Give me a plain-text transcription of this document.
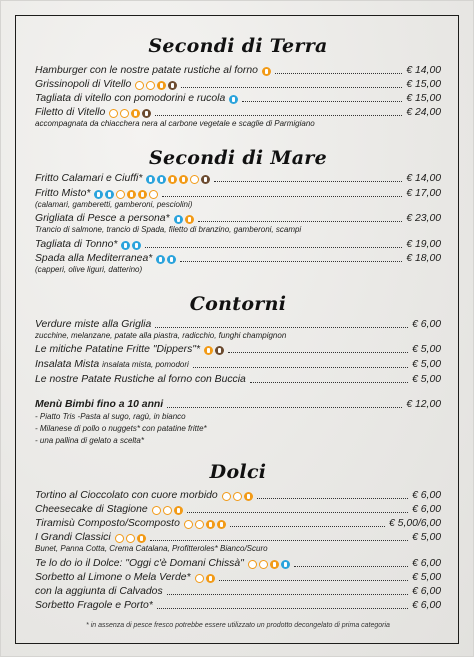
Secondi di Terra
Hamburger con le nostre patate rustiche al forno	€ 14,00
Grissinopoli di Vitello	€ 15,00
Tagliata di vitello con pomodorini e rucola	€ 15,00
Filetto di Vitello	€ 24,00
accompagnata da chiacchera nera al carbone vegetale e scaglie di Parmigiano
Secondi di Mare
Fritto Calamari e Ciuffi*	€ 14,00
Fritto Misto*	€ 17,00
(calamari, gamberetti, gamberoni, pesciolini)
Grigliata di Pesce a persona*	€ 23,00
Trancio di salmone, trancio di Spada, filetto di branzino, gamberoni, scampi
Tagliata di Tonno*	€ 19,00
Spada alla Mediterranea*	€ 18,00
(capperi, olive liguri, datterino)
Contorni
Verdure miste alla Griglia	€ 6,00
zucchine, melanzane, patate alla piastra, radicchio, funghi champignon
Le mitiche Patatine Fritte "Dippers"*	€ 5,00
Insalata Mista insalata mista, pomodori	€ 5,00
Le nostre Patate Rustiche al forno con Buccia	€ 5,00
Menù Bimbi fino a 10 anni	€ 12,00
- Piatto Tris -Pasta al sugo, ragù, in bianco
- Milanese di pollo o nuggets* con patatine fritte*
- una pallina di gelato a scelta*
Dolci
Tortino al Cioccolato con cuore morbido	€ 6,00
Cheesecake di Stagione	€ 6,00
Tiramisù Composto/Scomposto	€ 5,00/6,00
I Grandi Classici	€ 5,00
Bunet, Panna Cotta, Crema Catalana, Profitteroles* Bianco/Scuro
Te lo do io il Dolce: "Oggi c'è Domani Chissà"	€ 6,00
Sorbetto al Limone o Mela Verde*	€ 5,00
con la aggiunta di Calvados	€ 6,00
Sorbetto Fragole e Porto*	€ 6,00
* in assenza di pesce fresco potrebbe essere utilizzato un prodotto decongelato di prima categoria
